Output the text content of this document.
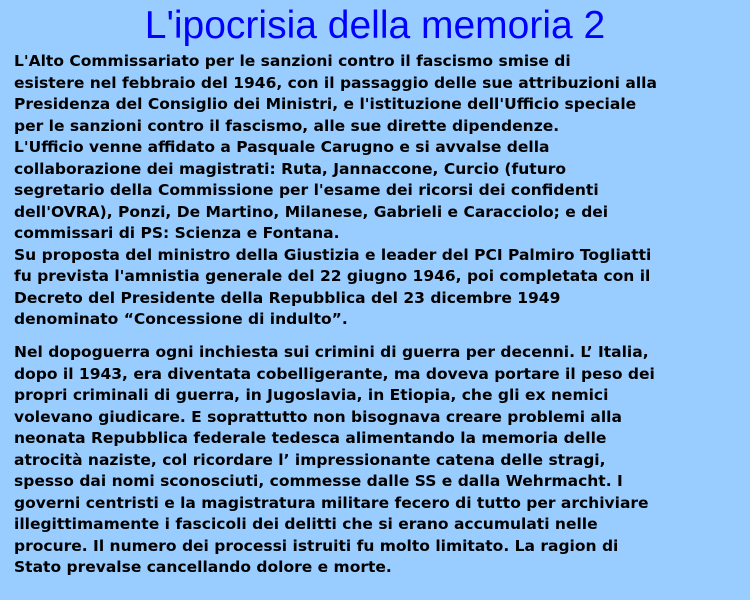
L'ipocrisia della memoria 2
L'Alto Commissariato per le sanzioni contro il fascismo smise di
esistere nel febbraio del 1946, con il passaggio delle sue attribuzioni alla
Presidenza del Consiglio dei Ministri, e l'istituzione dell'Ufficio speciale
per le sanzioni contro il fascismo, alle sue dirette dipendenze.
L'Ufficio venne affidato a Pasquale Carugno e si avvalse della
collaborazione dei magistrati: Ruta, Jannaccone, Curcio (futuro
segretario della Commissione per l'esame dei ricorsi dei confidenti
dell'OVRA), Ponzi, De Martino, Milanese, Gabrieli e Caracciolo; e dei
commissari di PS: Scienza e Fontana.
Su proposta del ministro della Giustizia e leader del PCI Palmiro Togliatti
fu prevista l'amnistia generale del 22 giugno 1946, poi completata con il
Decreto del Presidente della Repubblica del 23 dicembre 1949
denominato “Concessione di indulto”.
Nel dopoguerra ogni inchiesta sui crimini di guerra per decenni. L’ Italia,
dopo il 1943, era diventata cobelligerante, ma doveva portare il peso dei
propri criminali di guerra, in Jugoslavia, in Etiopia, che gli ex nemici
volevano giudicare. E soprattutto non bisognava creare problemi alla
neonata Repubblica federale tedesca alimentando la memoria delle
atrocità naziste, col ricordare l’ impressionante catena delle stragi,
spesso dai nomi sconosciuti, commesse dalle SS e dalla Wehrmacht. I
governi centristi e la magistratura militare fecero di tutto per archiviare
illegittimamente i fascicoli dei delitti che si erano accumulati nelle
procure. Il numero dei processi istruiti fu molto limitato. La ragion di
Stato prevalse cancellando dolore e morte.
